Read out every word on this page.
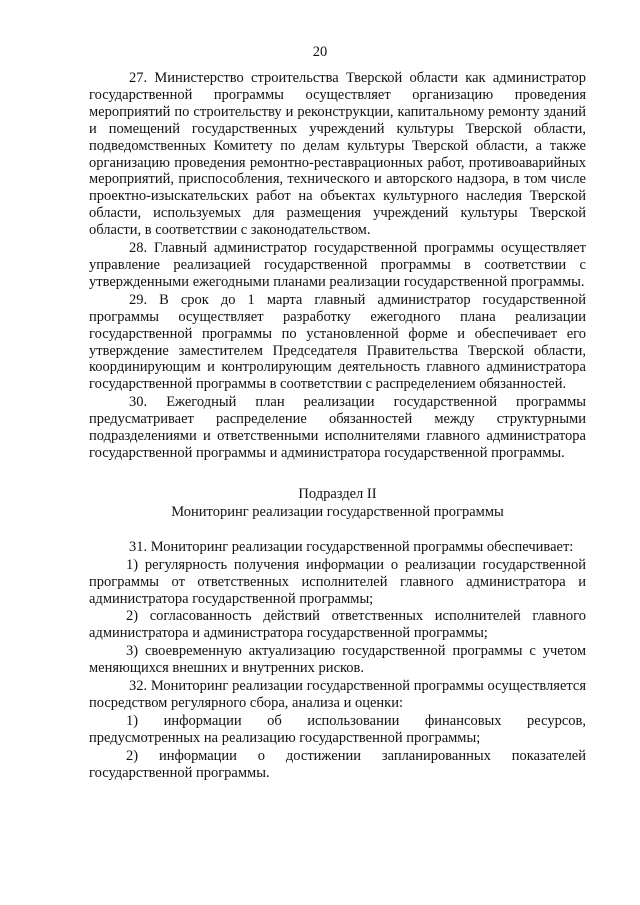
20

27. Министерство строительства Тверской области как администратор государственной программы осуществляет организацию проведения мероприятий по строительству и реконструкции, капитальному ремонту зданий и помещений государственных учреждений культуры Тверской области, подведомственных Комитету по делам культуры Тверской области, а также организацию проведения ремонтно-реставрационных работ, противоаварийных мероприятий, приспособления, технического и авторского надзора, в том числе проектно-изыскательских работ на объектах культурного наследия Тверской области, используемых для размещения учреждений культуры Тверской области, в соответствии с законодательством.

28. Главный администратор государственной программы осуществляет управление реализацией государственной программы в соответствии с утвержденными ежегодными планами реализации государственной программы.

29. В срок до 1 марта главный администратор государственной программы осуществляет разработку ежегодного плана реализации государственной программы по установленной форме и обеспечивает его утверждение заместителем Председателя Правительства Тверской области, координирующим и контролирующим деятельность главного администратора государственной программы в соответствии с распределением обязанностей.

30. Ежегодный план реализации государственной программы предусматривает распределение обязанностей между структурными подразделениями и ответственными исполнителями главного администратора государственной программы и администратора государственной программы.

Подраздел II

Мониторинг реализации государственной программы

31. Мониторинг реализации государственной программы обеспечивает:

1) регулярность получения информации о реализации государственной программы от ответственных исполнителей главного администратора и администратора государственной программы;

2) согласованность действий ответственных исполнителей главного администратора и администратора государственной программы;

3) своевременную актуализацию государственной программы с учетом меняющихся внешних и внутренних рисков.

32. Мониторинг реализации государственной программы осуществляется посредством регулярного сбора, анализа и оценки:

1) информации об использовании финансовых ресурсов, предусмотренных на реализацию государственной программы;

2) информации о достижении запланированных показателей государственной программы.
